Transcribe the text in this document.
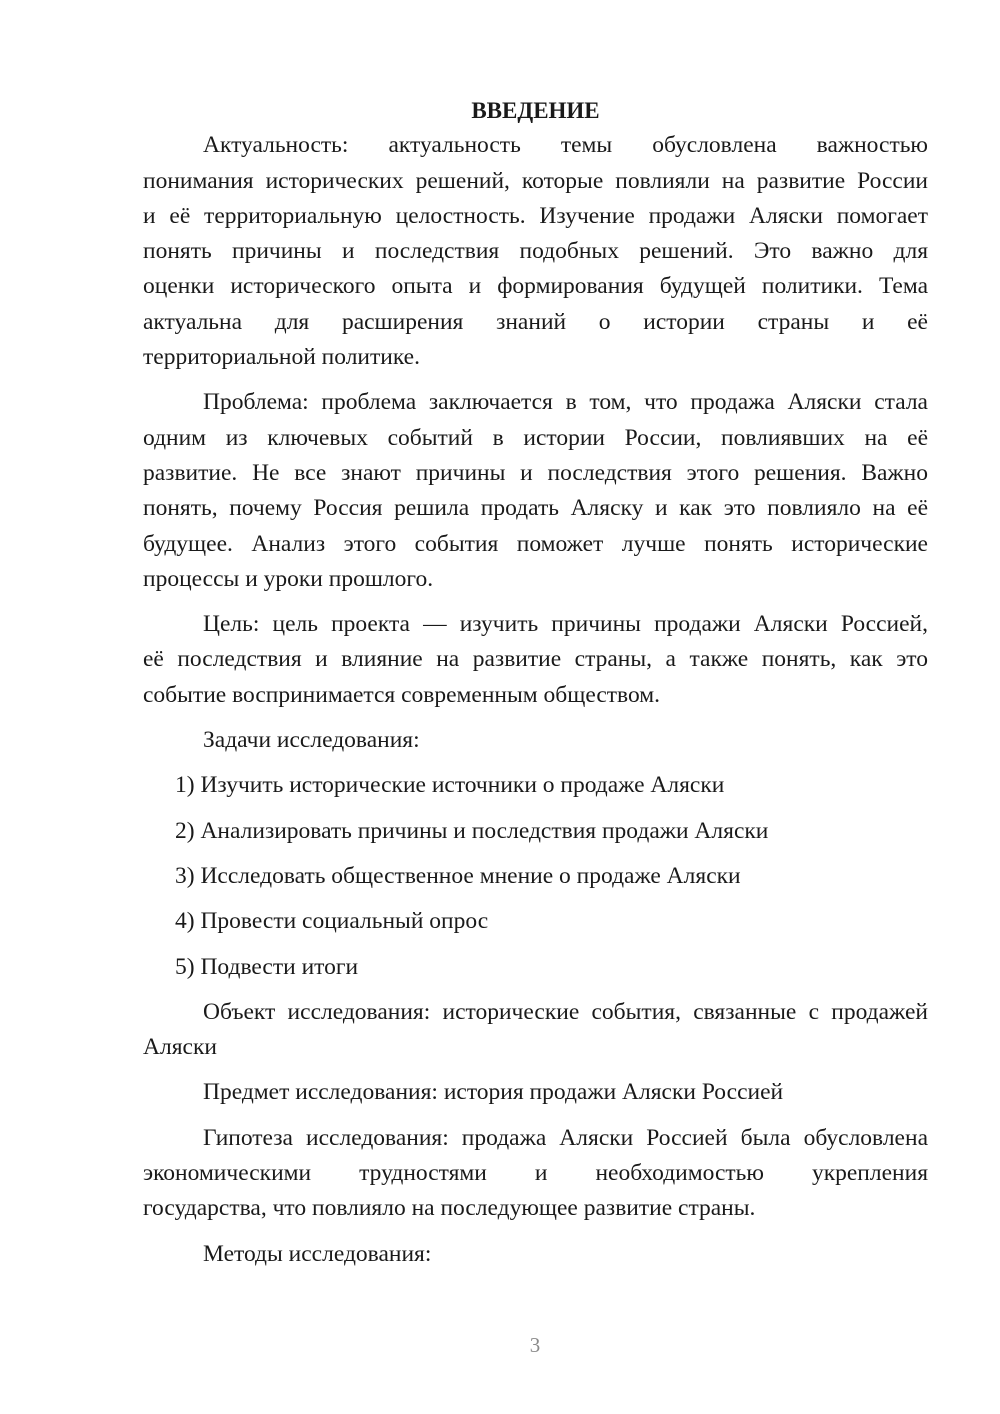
ВВЕДЕНИЕ
Актуальность: актуальность темы обусловлена важностью
понимания исторических решений, которые повлияли на развитие России
и её территориальную целостность. Изучение продажи Аляски помогает
понять причины и последствия подобных решений. Это важно для
оценки исторического опыта и формирования будущей политики. Тема
актуальна для расширения знаний о истории страны и её
территориальной политике.
Проблема: проблема заключается в том, что продажа Аляски стала
одним из ключевых событий в истории России, повлиявших на её
развитие. Не все знают причины и последствия этого решения. Важно
понять, почему Россия решила продать Аляску и как это повлияло на её
будущее. Анализ этого события поможет лучше понять исторические
процессы и уроки прошлого.
Цель: цель проекта — изучить причины продажи Аляски Россией,
её последствия и влияние на развитие страны, а также понять, как это
событие воспринимается современным обществом.
Задачи исследования:
1) Изучить исторические источники о продаже Аляски
2) Анализировать причины и последствия продажи Аляски
3) Исследовать общественное мнение о продаже Аляски
4) Провести социальный опрос
5) Подвести итоги
Объект исследования: исторические события, связанные с продажей
Аляски
Предмет исследования: история продажи Аляски Россией
Гипотеза исследования: продажа Аляски Россией была обусловлена
экономическими трудностями и необходимостью укрепления
государства, что повлияло на последующее развитие страны.
Методы исследования:
3
